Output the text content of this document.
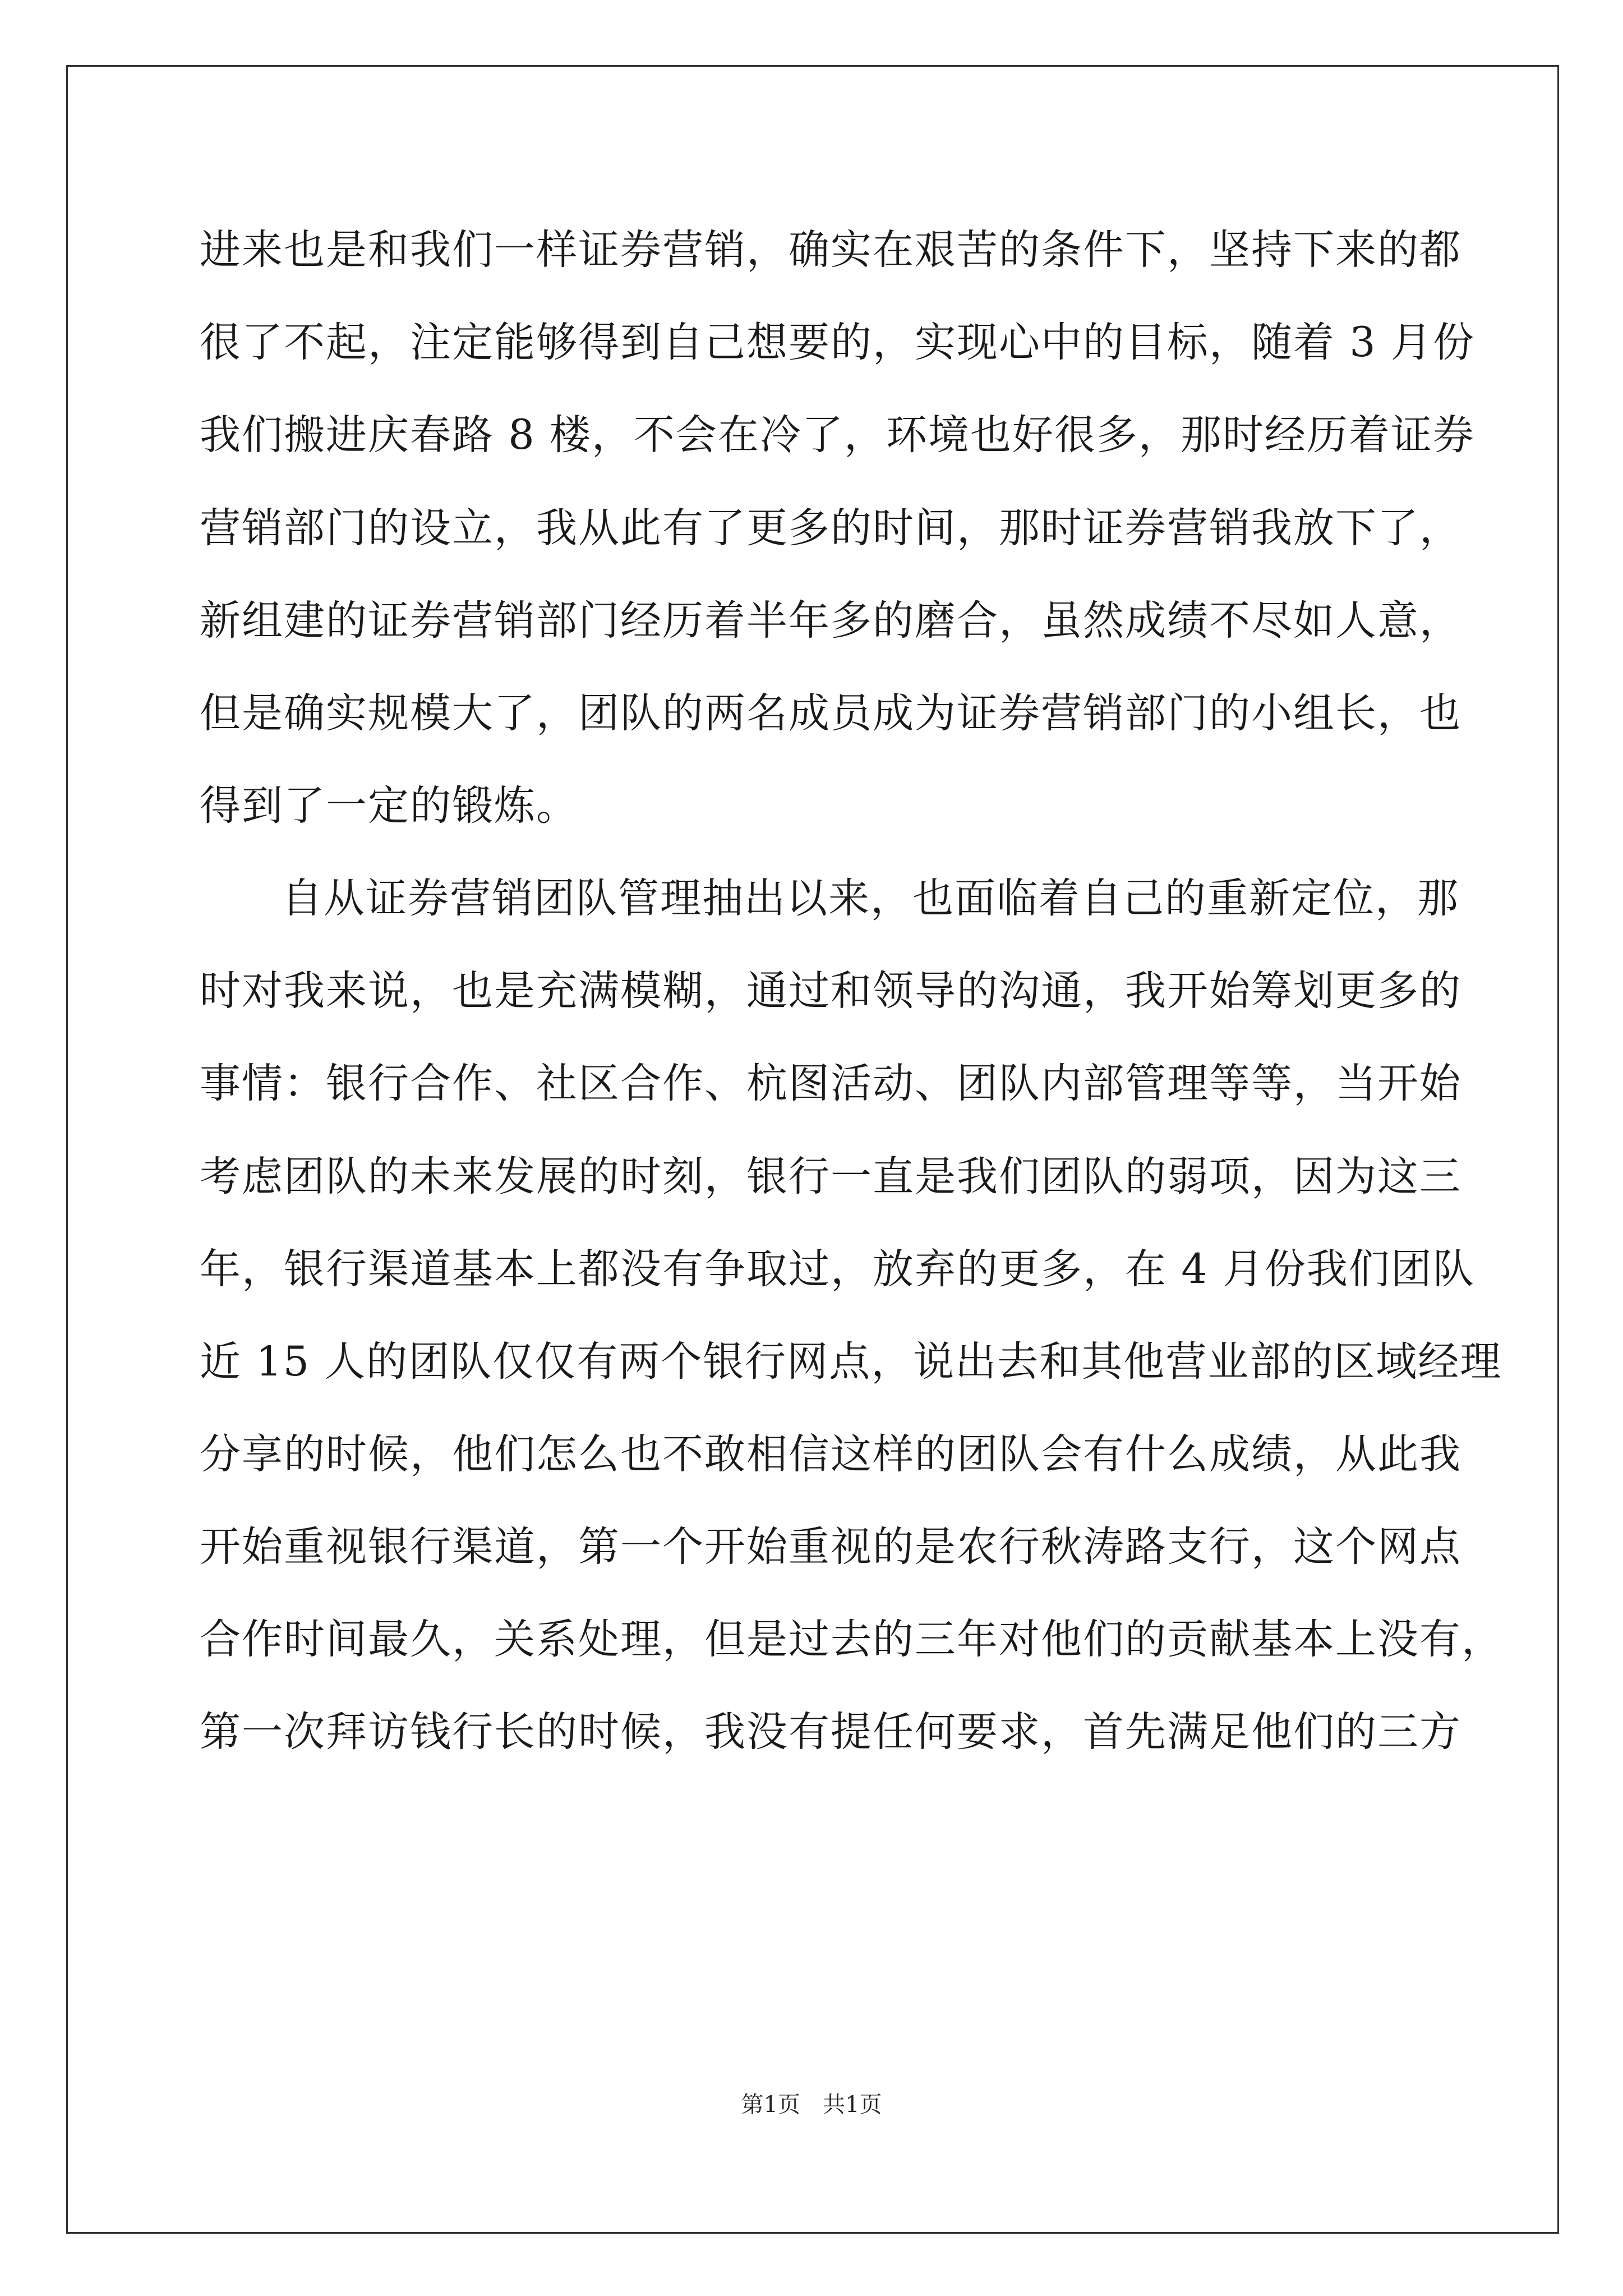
进来也是和我们一样证券营销，确实在艰苦的条件下，坚持下来的都
很了不起，注定能够得到自己想要的，实现心中的目标，随着 3 月份
我们搬进庆春路 8 楼，不会在冷了，环境也好很多，那时经历着证券
营销部门的设立，我从此有了更多的时间，那时证券营销我放下了，
新组建的证券营销部门经历着半年多的磨合，虽然成绩不尽如人意，
但是确实规模大了，团队的两名成员成为证券营销部门的小组长，也
得到了一定的锻炼。
自从证券营销团队管理抽出以来，也面临着自己的重新定位，那
时对我来说，也是充满模糊，通过和领导的沟通，我开始筹划更多的
事情：银行合作、社区合作、杭图活动、团队内部管理等等，当开始
考虑团队的未来发展的时刻，银行一直是我们团队的弱项，因为这三
年，银行渠道基本上都没有争取过，放弃的更多，在 4 月份我们团队
近 15 人的团队仅仅有两个银行网点，说出去和其他营业部的区域经理
分享的时候，他们怎么也不敢相信这样的团队会有什么成绩，从此我
开始重视银行渠道，第一个开始重视的是农行秋涛路支行，这个网点
合作时间最久，关系处理，但是过去的三年对他们的贡献基本上没有，
第一次拜访钱行长的时候，我没有提任何要求，首先满足他们的三方
第1页　共1页
